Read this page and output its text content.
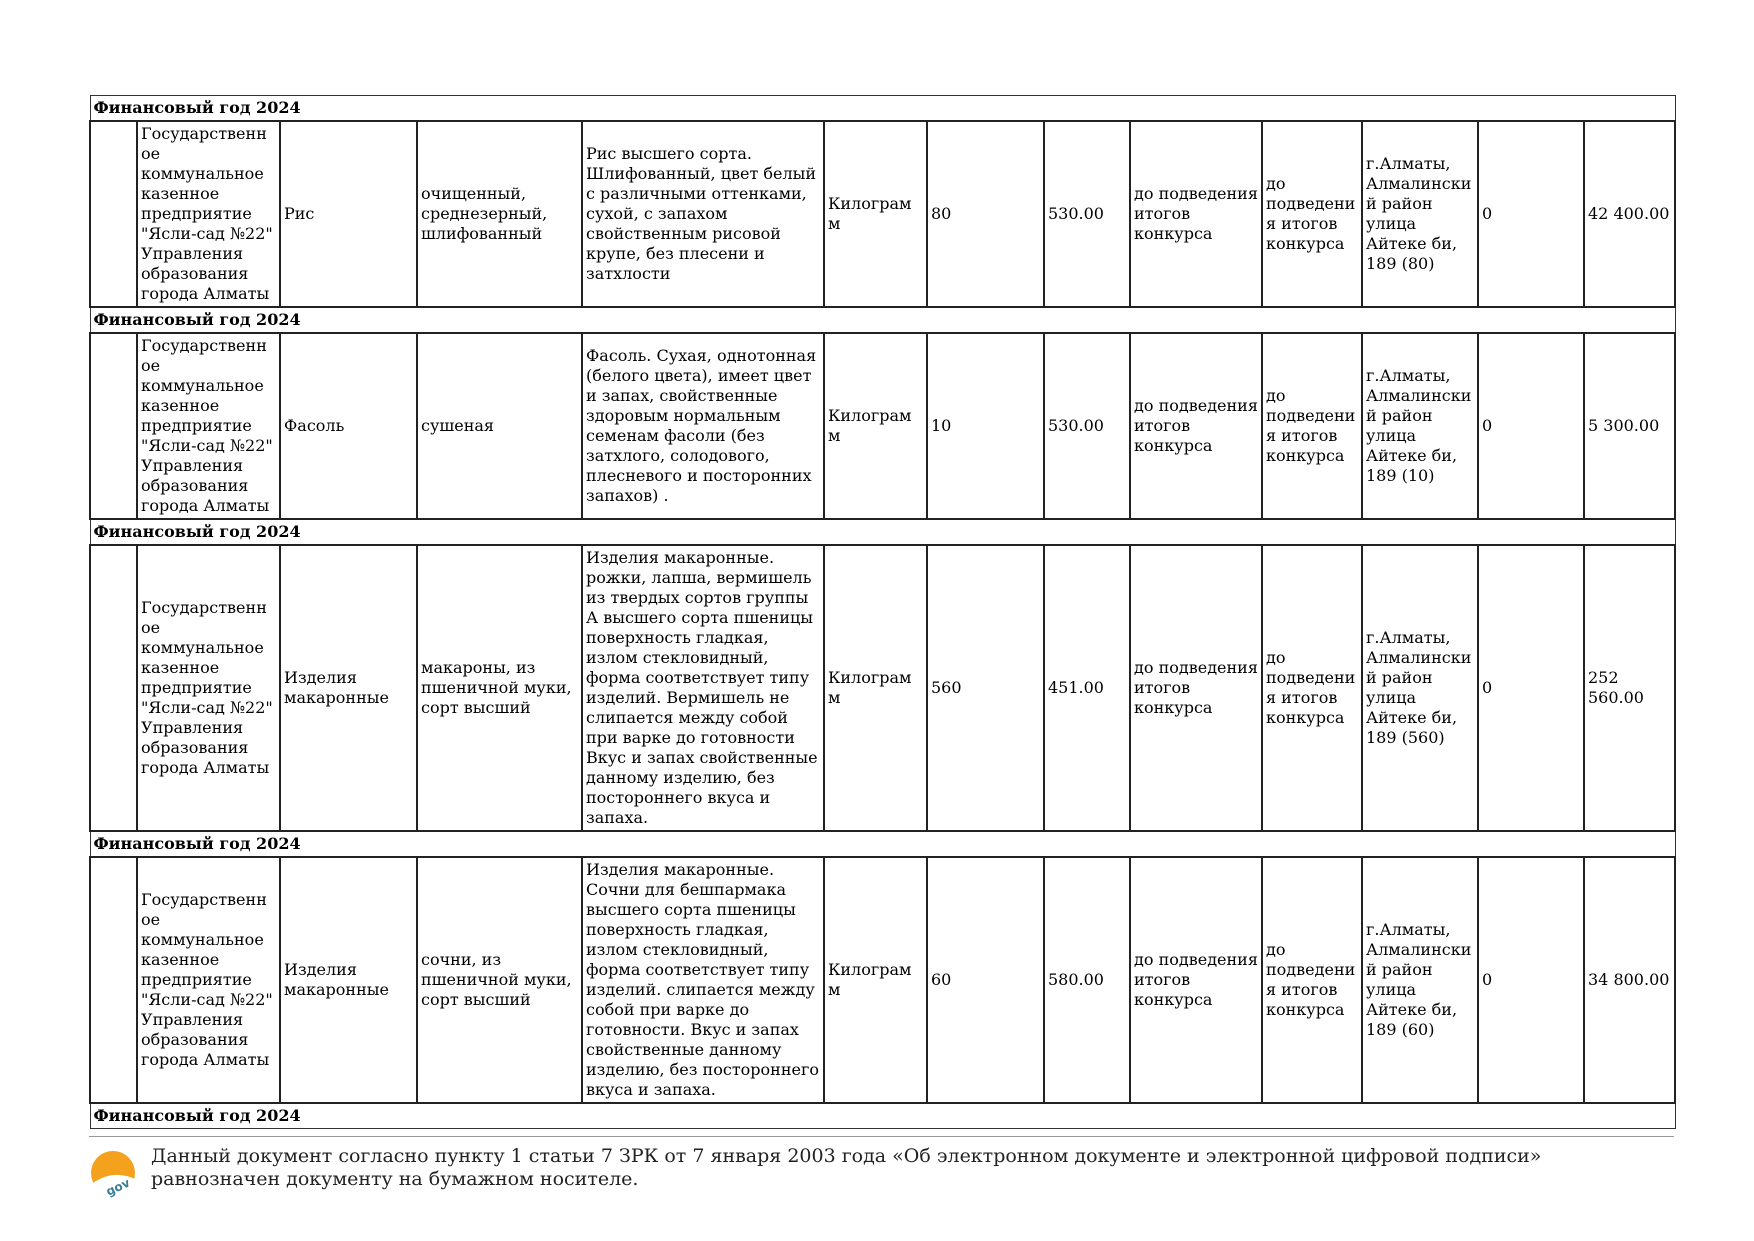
Финансовый год 2024												
	Государственное коммунальное казенное предприятие "Ясли-сад №22" Управления образования города Алматы	Рис	очищенный, среднезерный, шлифованный	Рис высшего сорта. Шлифованный, цвет белый с различными оттенками, сухой, с запахом свойственным рисовой крупе, без плесени и затхлости	Килограмм	80	530.00	до подведения итогов конкурса	до подведения итогов конкурса	г.Алматы, Алмалинский район улица Айтеке би, 189 (80)	0	42 400.00
Финансовый год 2024												
	Государственное коммунальное казенное предприятие "Ясли-сад №22" Управления образования города Алматы	Фасоль	сушеная	Фасоль. Сухая, однотонная (белого цвета), имеет цвет и запах, свойственные здоровым нормальным семенам фасоли (без затхлого, солодового, плесневого и посторонних запахов) .	Килограмм	10	530.00	до подведения итогов конкурса	до подведения итогов конкурса	г.Алматы, Алмалинский район улица Айтеке би, 189 (10)	0	5 300.00
Финансовый год 2024												
	Государственное коммунальное казенное предприятие "Ясли-сад №22" Управления образования города Алматы	Изделия макаронные	макароны, из пшеничной муки, сорт высший	Изделия макаронные. рожки, лапша, вермишель из твердых сортов группы А высшего сорта пшеницы поверхность гладкая, излом стекловидный, форма соответствует типу изделий. Вермишель не слипается между собой при варке до готовности Вкус и запах свойственные данному изделию, без постороннего вкуса и запаха.	Килограмм	560	451.00	до подведения итогов конкурса	до подведения итогов конкурса	г.Алматы, Алмалинский район улица Айтеке би, 189 (560)	0	252 560.00
Финансовый год 2024												
	Государственное коммунальное казенное предприятие "Ясли-сад №22" Управления образования города Алматы	Изделия макаронные	сочни, из пшеничной муки, сорт высший	Изделия макаронные. Сочни для бешпармака высшего сорта пшеницы поверхность гладкая, излом стекловидный, форма соответствует типу изделий. слипается между собой при варке до готовности. Вкус и запах свойственные данному изделию, без постороннего вкуса и запаха.	Килограмм	60	580.00	до подведения итогов конкурса	до подведения итогов конкурса	г.Алматы, Алмалинский район улица Айтеке би, 189 (60)	0	34 800.00
Финансовый год 2024												
gov
Данный документ согласно пункту 1 статьи 7 ЗРК от 7 января 2003 года «Об электронном документе и электронной цифровой подписи» равнозначен документу на бумажном носителе.
